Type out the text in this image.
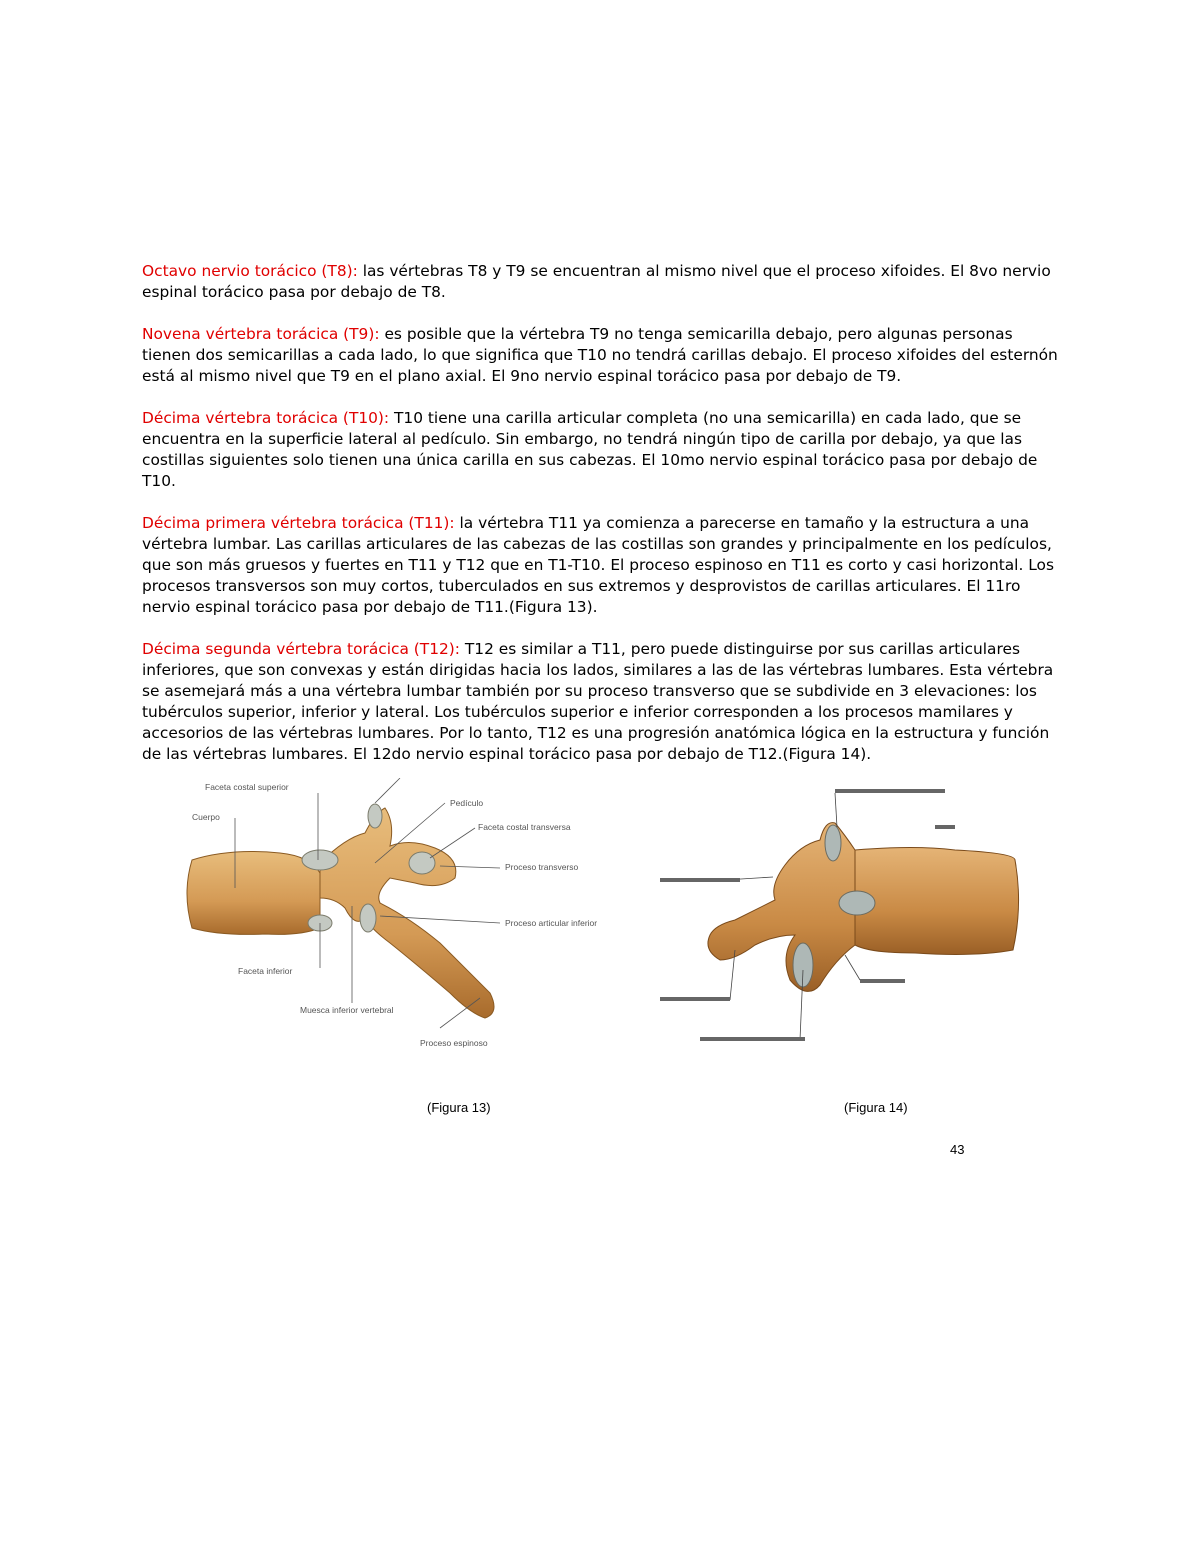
Octavo nervio torácico (T8): las vértebras T8 y T9 se encuentran al mismo nivel que el proceso xifoides. El 8vo nervio espinal torácico pasa por debajo de T8.

Novena vértebra torácica (T9): es posible que la vértebra T9 no tenga semicarilla debajo, pero algunas personas tienen dos semicarillas a cada lado, lo que significa que T10 no tendrá carillas debajo. El proceso xifoides del esternón está al mismo nivel que T9 en el plano axial. El 9no nervio espinal torácico pasa por debajo de T9.

Décima vértebra torácica (T10): T10 tiene una carilla articular completa (no una semicarilla) en cada lado, que se encuentra en la superficie lateral al pedículo. Sin embargo, no tendrá ningún tipo de carilla por debajo, ya que las costillas siguientes solo tienen una única carilla en sus cabezas. El 10mo nervio espinal torácico pasa por debajo de T10.

Décima primera vértebra torácica (T11): la vértebra T11 ya comienza a parecerse en tamaño y la estructura a una vértebra lumbar. Las carillas articulares de las cabezas de las costillas son grandes y principalmente en los pedículos, que son más gruesos y fuertes en T11 y T12 que en T1-T10. El proceso espinoso en T11 es corto y casi horizontal. Los procesos transversos son muy cortos, tuberculados en sus extremos y desprovistos de carillas articulares. El 11ro nervio espinal torácico pasa por debajo de T11.(Figura 13).

Décima segunda vértebra torácica (T12): T12 es similar a T11, pero puede distinguirse por sus carillas articulares inferiores, que son convexas y están dirigidas hacia los lados, similares a las de las vértebras lumbares. Esta vértebra se asemejará más a una vértebra lumbar también por su proceso transverso que se subdivide en 3 elevaciones: los tubérculos superior, inferior y lateral. Los tubérculos superior e inferior corresponden a los procesos mamilares y accesorios de las vértebras lumbares. Por lo tanto, T12 es una progresión anatómica lógica en la estructura y función de las vértebras lumbares. El 12do nervio espinal torácico pasa por debajo de T12.(Figura 14).

Faceta costal superior
Cuerpo
Pedículo
Faceta costal transversa
Proceso transverso
Proceso articular inferior
Faceta inferior
Muesca inferior vertebral
Proceso espinoso
(Figura 13)	(Figura 14)
43
